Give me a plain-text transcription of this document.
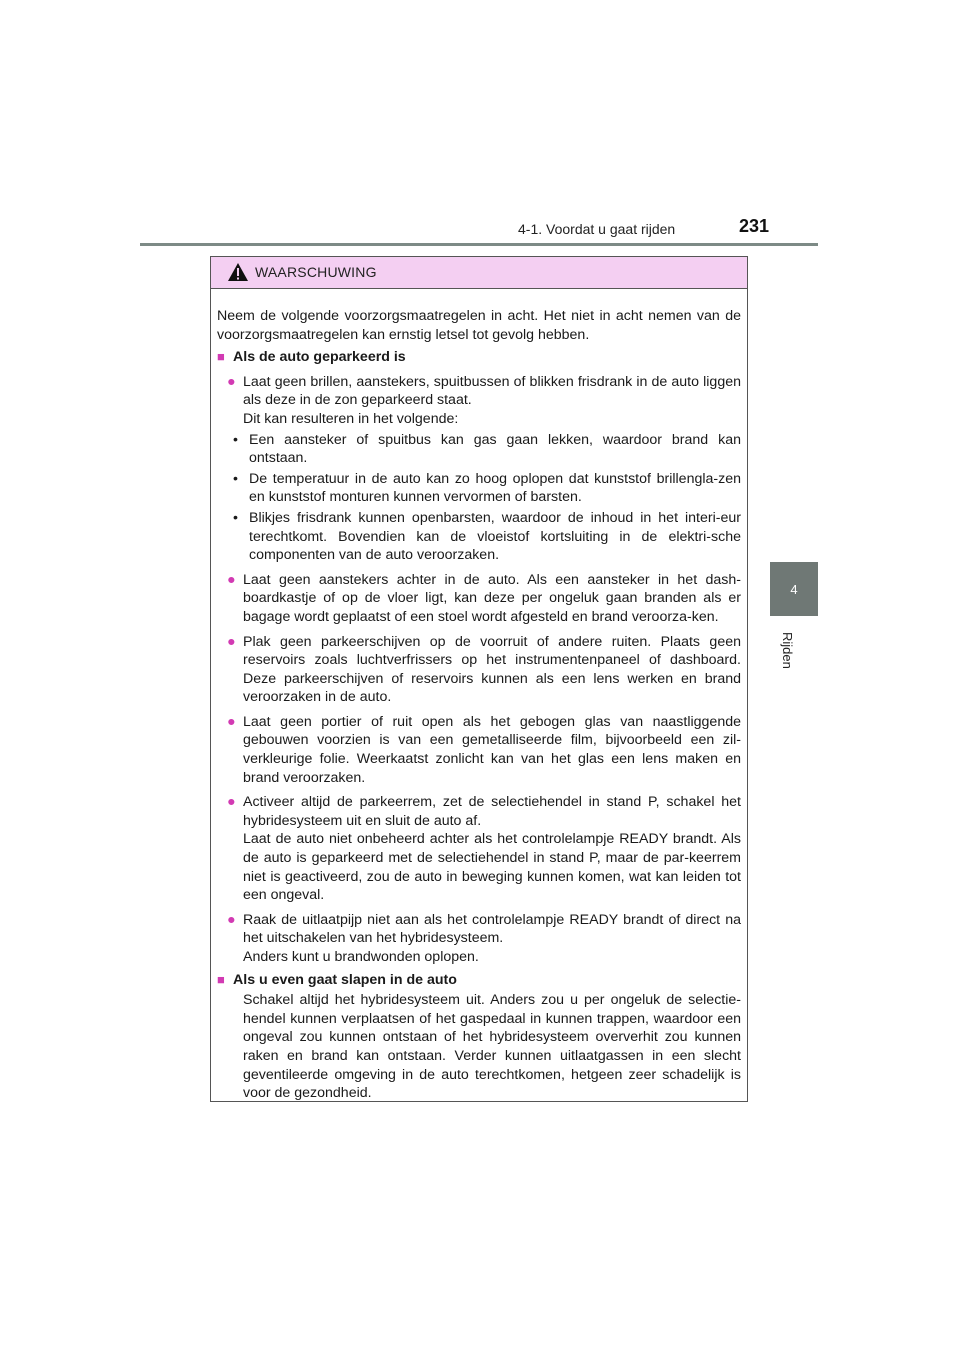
231
4-1. Voordat u gaat rijden
4
Rijden
WAARSCHUWING

Neem de volgende voorzorgsmaatregelen in acht. Het niet in acht nemen van de voorzorgsmaatregelen kan ernstig letsel tot gevolg hebben.

■ Als de auto geparkeerd is
● Laat geen brillen, aanstekers, spuitbussen of blikken frisdrank in de auto liggen als deze in de zon geparkeerd staat.
Dit kan resulteren in het volgende:
• Een aansteker of spuitbus kan gas gaan lekken, waardoor brand kan ontstaan.
• De temperatuur in de auto kan zo hoog oplopen dat kunststof brillengla-zen en kunststof monturen kunnen vervormen of barsten.
• Blikjes frisdrank kunnen openbarsten, waardoor de inhoud in het interi-eur terechtkomt. Bovendien kan de vloeistof kortsluiting in de elektri-sche componenten van de auto veroorzaken.
● Laat geen aanstekers achter in de auto. Als een aansteker in het dash-boardkastje of op de vloer ligt, kan deze per ongeluk gaan branden als er bagage wordt geplaatst of een stoel wordt afgesteld en brand veroorza-ken.
● Plak geen parkeerschijven op de voorruit of andere ruiten. Plaats geen reservoirs zoals luchtverfrissers op het instrumentenpaneel of dashboard. Deze parkeerschijven of reservoirs kunnen als een lens werken en brand veroorzaken in de auto.
● Laat geen portier of ruit open als het gebogen glas van naastliggende gebouwen voorzien is van een gemetalliseerde film, bijvoorbeeld een zil-verkleurige folie. Weerkaatst zonlicht kan van het glas een lens maken en brand veroorzaken.
● Activeer altijd de parkeerrem, zet de selectiehendel in stand P, schakel het hybridesysteem uit en sluit de auto af.
Laat de auto niet onbeheerd achter als het controlelampje READY brandt. Als de auto is geparkeerd met de selectiehendel in stand P, maar de par-keerrem niet is geactiveerd, zou de auto in beweging kunnen komen, wat kan leiden tot een ongeval.
● Raak de uitlaatpijp niet aan als het controlelampje READY brandt of direct na het uitschakelen van het hybridesysteem.
Anders kunt u brandwonden oplopen.
■ Als u even gaat slapen in de auto

Schakel altijd het hybridesysteem uit. Anders zou u per ongeluk de selectie-hendel kunnen verplaatsen of het gaspedaal in kunnen trappen, waardoor een ongeval zou kunnen ontstaan of het hybridesysteem oververhit zou kunnen raken en brand kan ontstaan. Verder kunnen uitlaatgassen in een slecht geventileerde omgeving in de auto terechtkomen, hetgeen zeer schadelijk is voor de gezondheid.
